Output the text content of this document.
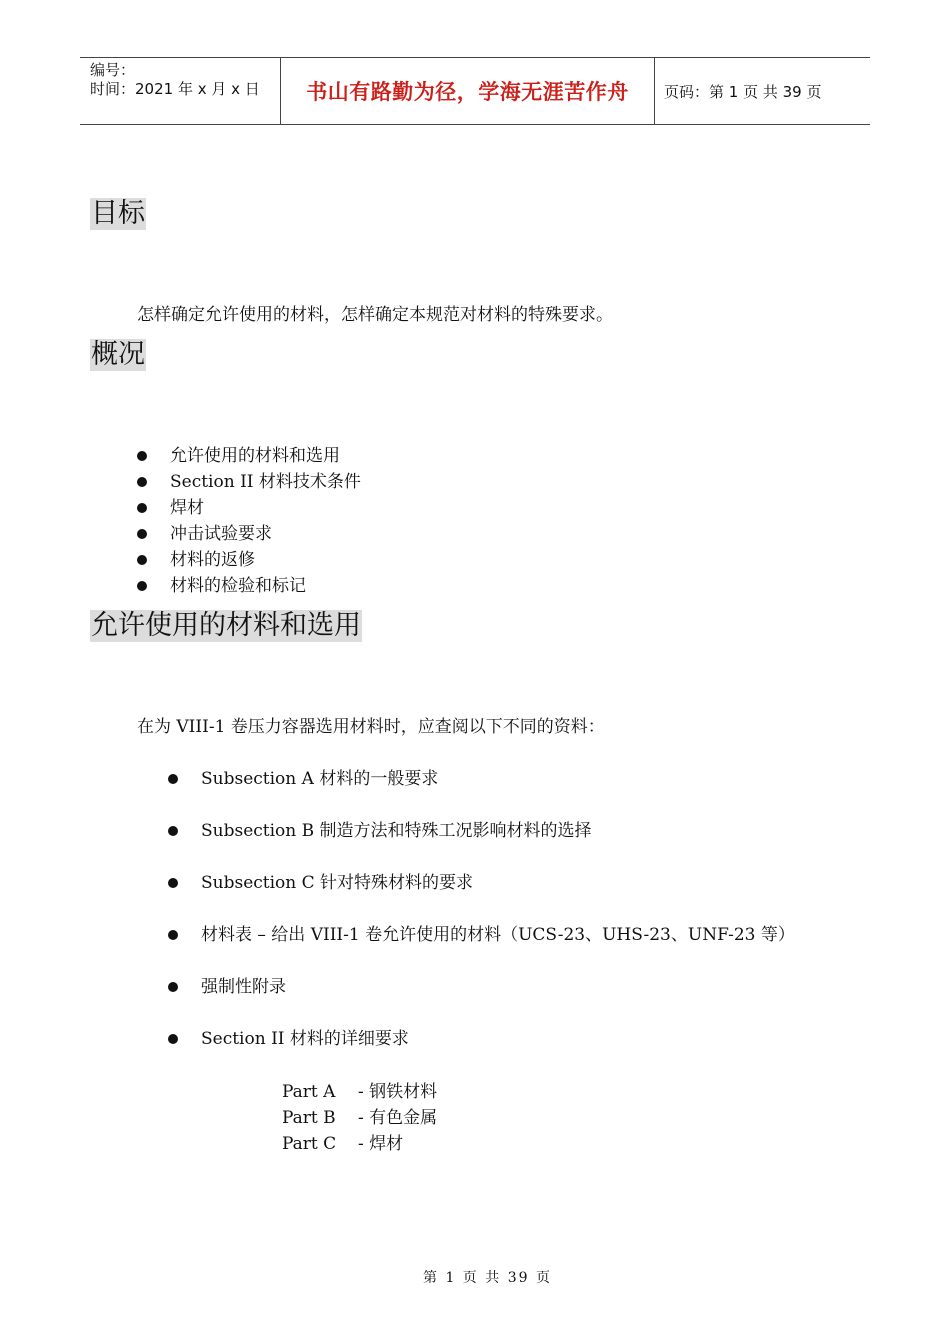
编号：
时间：2021 年 x 月 x 日	书山有路勤为径，学海无涯苦作舟	页码：第 1 页 共 39 页
目标
怎样确定允许使用的材料，怎样确定本规范对材料的特殊要求。
概况
允许使用的材料和选用
Section II 材料技术条件
焊材
冲击试验要求
材料的返修
材料的检验和标记
允许使用的材料和选用
在为 VIII-1 卷压力容器选用材料时，应查阅以下不同的资料：
Subsection A 材料的一般要求
Subsection B 制造方法和特殊工况影响材料的选择
Subsection C 针对特殊材料的要求
材料表 – 给出 VIII-1 卷允许使用的材料（UCS-23、UHS-23、UNF-23 等）
强制性附录
Section II 材料的详细要求
Part A	- 钢铁材料
Part B	- 有色金属
Part C	- 焊材
第 1 页 共 39 页
